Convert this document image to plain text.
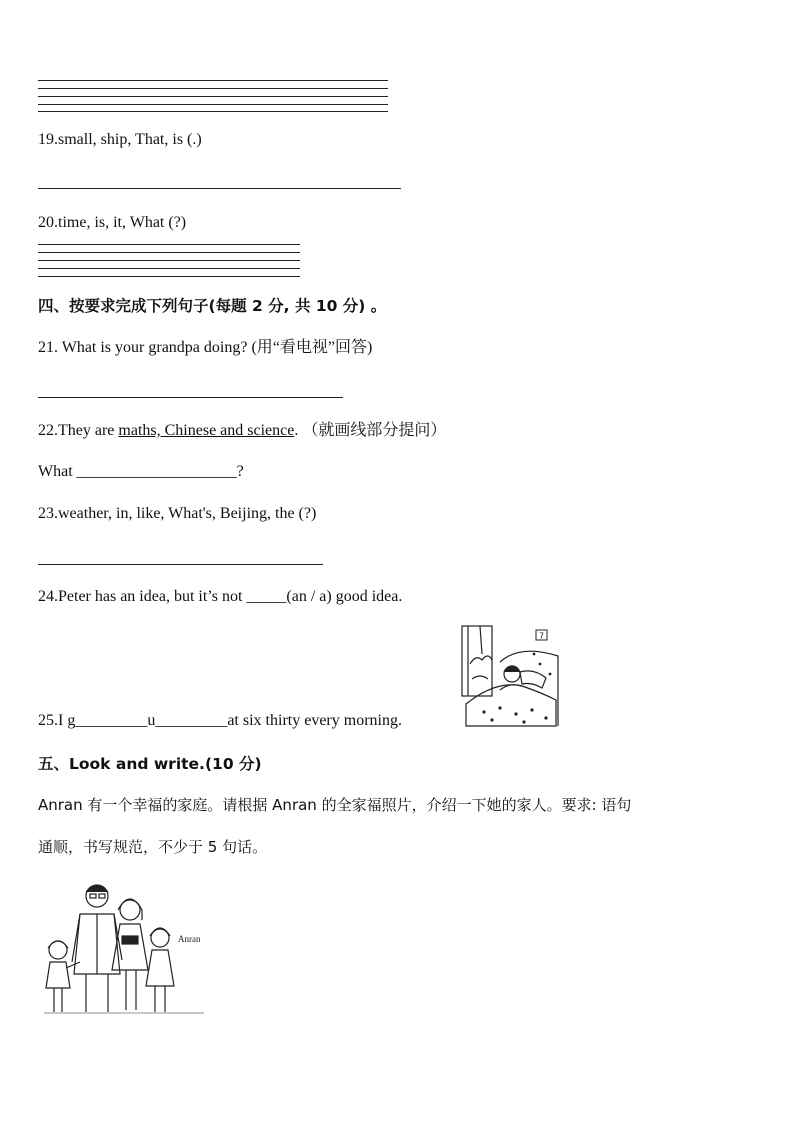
19.small, ship, That, is (.)
20.time, is, it, What (?)
四、按要求完成下列句子(每题 2 分, 共 10 分) 。
21. What is your grandpa doing? (用“看电视”回答)
22.They are maths, Chinese and science. （就画线部分提问）
What ____________________?
23.weather, in, like, What's, Beijing, the (?)
24.Peter has an idea, but it’s not _____(an / a) good idea.
25.I g_________u_________at six thirty every morning.
7
五、Look and write.(10 分)
Anran 有一个幸福的家庭。请根据 Anran 的全家福照片，介绍一下她的家人。要求: 语句
通顺，书写规范，不少于 5 句话。
Anran
